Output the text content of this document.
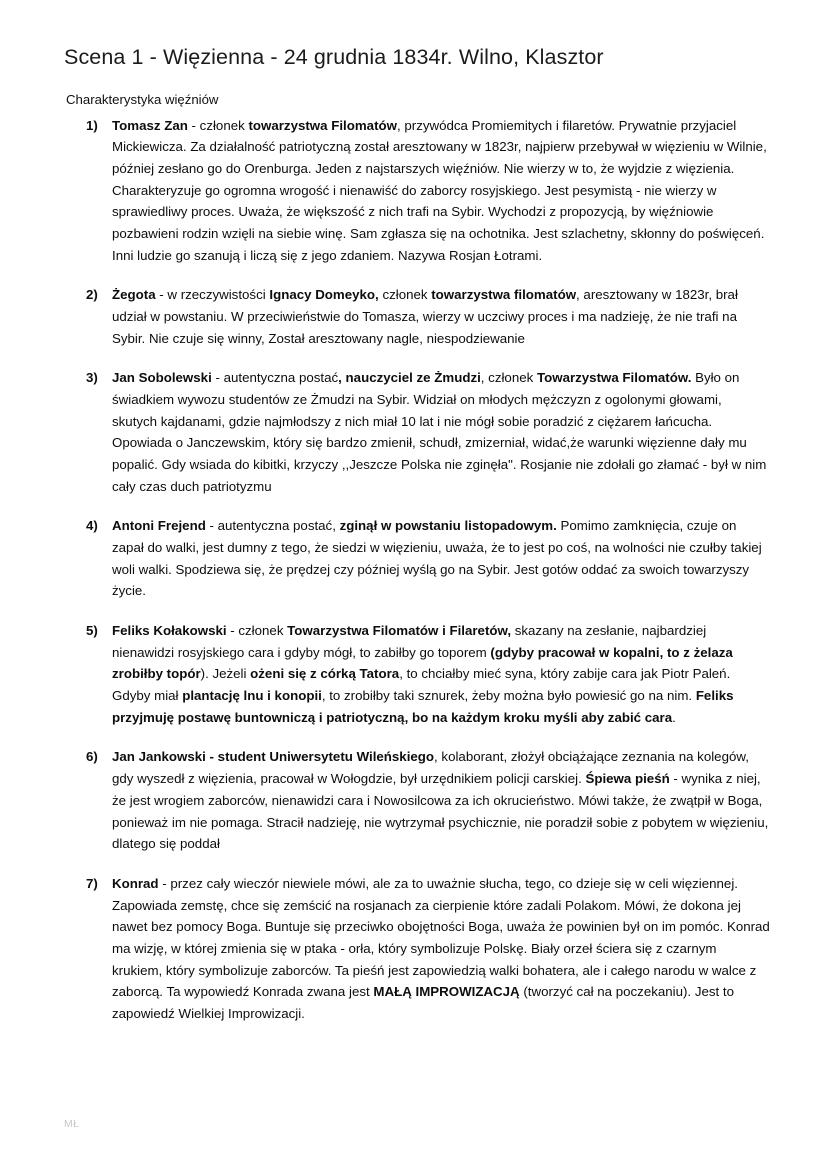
Scena 1 - Więzienna - 24 grudnia 1834r. Wilno, Klasztor

Charakterystyka więźniów

1)	Tomasz Zan - członek towarzystwa Filomatów, przywódca Promiemitych i filaretów. Prywatnie przyjaciel Mickiewicza. Za działalność patriotyczną został aresztowany w 1823r, najpierw przebywał w więzieniu w Wilnie, później zesłano go do Orenburga. Jeden z najstarszych więźniów. Nie wierzy w to, że wyjdzie z więzienia. Charakteryzuje go ogromna wrogość i nienawiść do zaborcy rosyjskiego. Jest pesymistą - nie wierzy w sprawiedliwy proces. Uważa, że większość z nich trafi na Sybir. Wychodzi z propozycją, by więźniowie pozbawieni rodzin wzięli na siebie winę. Sam zgłasza się na ochotnika. Jest szlachetny, skłonny do poświęceń. Inni ludzie go szanują i liczą się z jego zdaniem. Nazywa Rosjan Łotrami.
2)	Żegota - w rzeczywistości Ignacy Domeyko, członek towarzystwa filomatów, aresztowany w 1823r, brał udział w powstaniu. W przeciwieństwie do Tomasza, wierzy w uczciwy proces i ma nadzieję, że nie trafi na Sybir. Nie czuje się winny, Został aresztowany nagle, niespodziewanie
3)	Jan Sobolewski - autentyczna postać, nauczyciel ze Żmudzi, członek Towarzystwa Filomatów. Było on świadkiem wywozu studentów ze Żmudzi na Sybir. Widział on młodych mężczyzn z ogolonymi głowami, skutych kajdanami, gdzie najmłodszy z nich miał 10 lat i nie mógł sobie poradzić z ciężarem łańcucha. Opowiada o Janczewskim, który się bardzo zmienił, schudł, zmizerniał, widać,że warunki więzienne dały mu popalić. Gdy wsiada do kibitki, krzyczy ,,Jeszcze Polska nie zginęła". Rosjanie nie zdołali go złamać - był w nim cały czas duch patriotyzmu
4)	Antoni Frejend - autentyczna postać, zginął w powstaniu listopadowym. Pomimo zamknięcia, czuje on zapał do walki, jest dumny z tego, że siedzi w więzieniu, uważa, że to jest po coś, na wolności nie czułby takiej woli walki. Spodziewa się, że prędzej czy później wyślą go na Sybir. Jest gotów oddać za swoich towarzyszy życie.
5)	Feliks Kołakowski - członek Towarzystwa Filomatów i Filaretów, skazany na zesłanie, najbardziej nienawidzi rosyjskiego cara i gdyby mógł, to zabiłby go toporem (gdyby pracował w kopalni, to z żelaza zrobiłby topór). Jeżeli ożeni się z córką Tatora, to chciałby mieć syna, który zabije cara jak Piotr Paleń. Gdyby miał plantację lnu i konopii, to zrobiłby taki sznurek, żeby można było powiesić go na nim. Feliks przyjmuję postawę buntowniczą i patriotyczną, bo na każdym kroku myśli aby zabić cara.
6)	Jan Jankowski - student Uniwersytetu Wileńskiego, kolaborant, złożył obciążające zeznania na kolegów, gdy wyszedł z więzienia, pracował w Wołogdzie, był urzędnikiem policji carskiej. Śpiewa pieśń - wynika z niej, że jest wrogiem zaborców, nienawidzi cara i Nowosilcowa za ich okrucieństwo. Mówi także, że zwątpił w Boga, ponieważ im nie pomaga. Stracił nadzieję, nie wytrzymał psychicznie, nie poradził sobie z pobytem w więzieniu, dlatego się poddał
7)	Konrad - przez cały wieczór niewiele mówi, ale za to uważnie słucha, tego, co dzieje się w celi więziennej. Zapowiada zemstę, chce się zemścić na rosjanach za cierpienie które zadali Polakom. Mówi, że dokona jej nawet bez pomocy Boga. Buntuje się przeciwko obojętności Boga, uważa że powinien był on im pomóc. Konrad ma wizję, w której zmienia się w ptaka - orła, który symbolizuje Polskę. Biały orzeł ściera się z czarnym krukiem, który symbolizuje zaborców. Ta pieśń jest zapowiedzią walki bohatera, ale i całego narodu w walce z zaborcą. Ta wypowiedź Konrada zwana jest MAŁĄ IMPROWIZACJĄ (tworzyć cał na poczekaniu). Jest to zapowiedź Wielkiej Improwizacji.
MŁ
